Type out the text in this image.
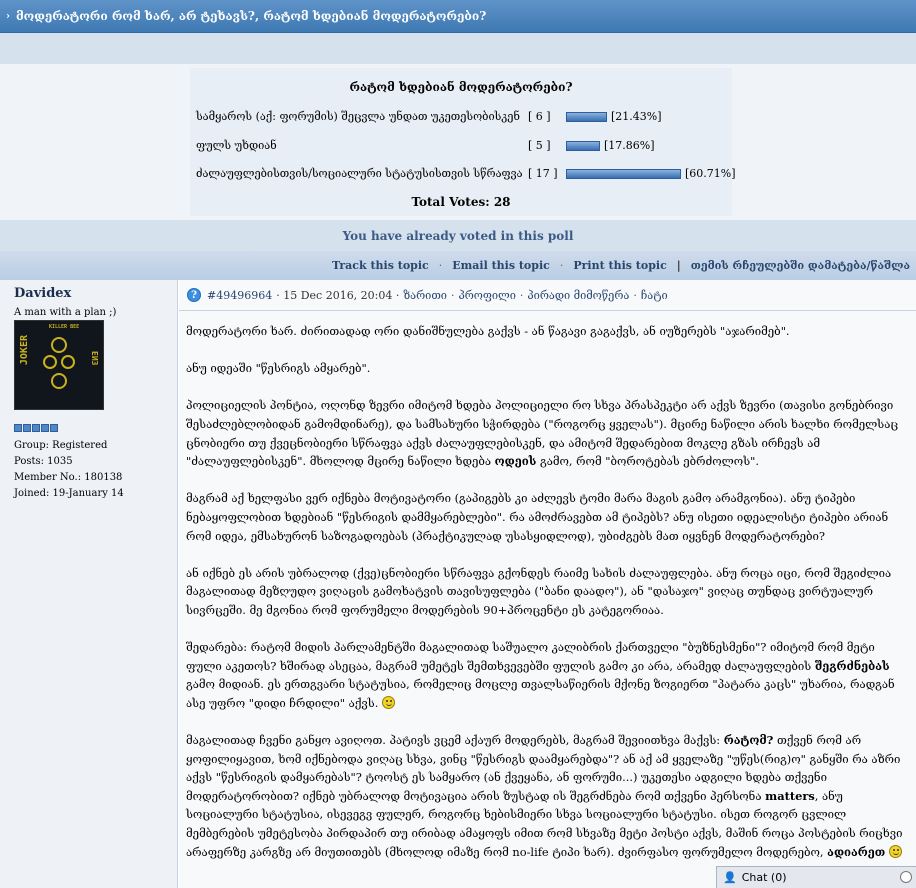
› მოდერატორი რომ ხარ, არ ტეხავს?, რატომ ხდებიან მოდერატორები?
რატომ ხდებიან მოდერატორები?
სამყაროს (აქ: ფორუმის) შეცვლა უნდათ უკეთესობისკენ [ 6 ]	[21.43%]
ფულს უხდიან	[ 5 ]	[17.86%]
ძალაუფლებისთვის/სოციალური სტატუსისთვის სწრაფვა [ 17 ]	[60.71%]
Total Votes: 28
You have already voted in this poll
Track this topic · Email this topic · Print this topic | თემის რჩეულებში დამატება/წაშლა
Davidex
A man with a plan ;)
JOKER
KILLER BEE
ЕИЗ
Group: Registered
Posts: 1035
Member No.: 180138
Joined: 19-January 14
? #49496964 · 15 Dec 2016, 20:04 · ზარითი · პროფილი · პირადი მიმოწერა · ჩატი

მოდერატორი ხარ. ძირითადად ორი დანიშნულება გაქვს - ან წაგავი გაგაქვს, ან იუზერებს "აჯარიმებ".

ანუ იდეაში "წესრიგს ამყარებ".

პოლიციელის პონტია, ოღონდ ზევრი იმიტომ ხდება პოლიციელი რო სხვა პრასპეკტი არ აქვს ზევრი (თავისი გონებრივი შესაძლებლობიდან გამომდინარე), და სამსახური სჭირდება ("როგორც ყველას"). მცირე ნაწილი არის ხალხი რომელსაც ცნობიერი თუ ქვეცნობიერი სწრაფვა აქვს ძალაუფლებისკენ, და ამიტომ შედარებით მოკლე გზას ირჩევს ამ "ძალაუფლებისკენ". მხოლოდ მცირე ნაწილი ხდება ოდეის გამო, რომ "ბოროტებას ებრძოლოს".

მაგრამ აქ ხელფასი ვერ იქნება მოტივატორი (გაპიგებს კი აძლევს ტომი მარა მაგის გამო არამგონია). ანუ ტიპები ნებაყოფლობით ხდებიან "წესრიგის დამმყარებლები". რა ამოძრავებთ ამ ტიპებს? ანუ ისეთი იდეალისტი ტიპები არიან რომ იდეა, ემსახურონ საზოგადოებას (პრაქტიკულად უსასყიდლოდ), უბიძგებს მათ იყვნენ მოდერატორები?

ან იქნებ ეს არის უბრალოდ (ქვე)ცნობიერი სწრაფვა გქონდეს რაიმე სახის ძალაუფლება. ანუ როცა იცი, რომ შეგიძლია მაგალითად მეზღუდო ვიღაცის გამოხატვის თავისუფლება ("ბანი დაადო"), ან "დასაჯო" ვიღაც თუნდაც ვირტუალურ სივრცეში. მე მგონია რომ ფორუმელი მოდერების 90+პროცენტი ეს კატეგორიაა.

შედარება: რატომ მიდის პარლამენტში მაგალითად საშუალო კალიბრის ქართველი "ბუზნესმენი"? იმიტომ რომ მეტი ფული აკეთოს? ხშირად ასეცაა, მაგრამ უმეტეს შემთხვევებში ფულის გამო კი არა, არამედ ძალაუფლების შეგრძნებას გამო მიდიან. ეს ერთგვარი სტატუსია, რომელიც მოცლე თვალსაწიერის მქონე ზოგიერთ "პატარა კაცს" უხარია, რადგან ასე უფრო "დიდი ჩრდილი" აქვს.

მაგალითად ჩვენი განყო ავიღოთ. პატივს ვცემ აქაურ მოდერებს, მაგრამ შევიითხვა მაქვს: რატომ? თქვენ რომ არ ყოფილიყავით, ხომ იქნებოდა ვიღაც სხვა, ვინც "წესრიგს დაამყარებდა"? ან აქ ამ ყველაზე "უწეს(რიგ)ო" განყში რა აზრი აქვს "წესრიგის დამყარებას"? ტოოსტ ეს სამყარო (ან ქვეყანა, ან ფორუმი...) უკეთესი ადგილი ხდება თქვენი მოდერატორობით? იქნებ უბრალოდ მოტივაცია არის ზუსტად ის შეგრძნება რომ თქვენი პერსონა matters, ანუ სოციალური სტატუსია, ისევეგვ ფულერ, როგორც ხებისმიერი სხვა სოციალური სტატუსი. ისეთ როგორ ცვლილ მემბერების უმეტესობა პირდაპირ თუ ირიბად ამაყოფს იმით რომ სხვაზე მეტი პოსტი აქვს, მაშინ როცა პოსტების რიცხვი არაფერზე კარგზე არ მიუთითებს (მხოლოდ იმაზე რომ no-life ტიპი ხარ). ძვირფასო ფორუმელო მოდერებო, ადიარეთ

👤 Chat (0)
